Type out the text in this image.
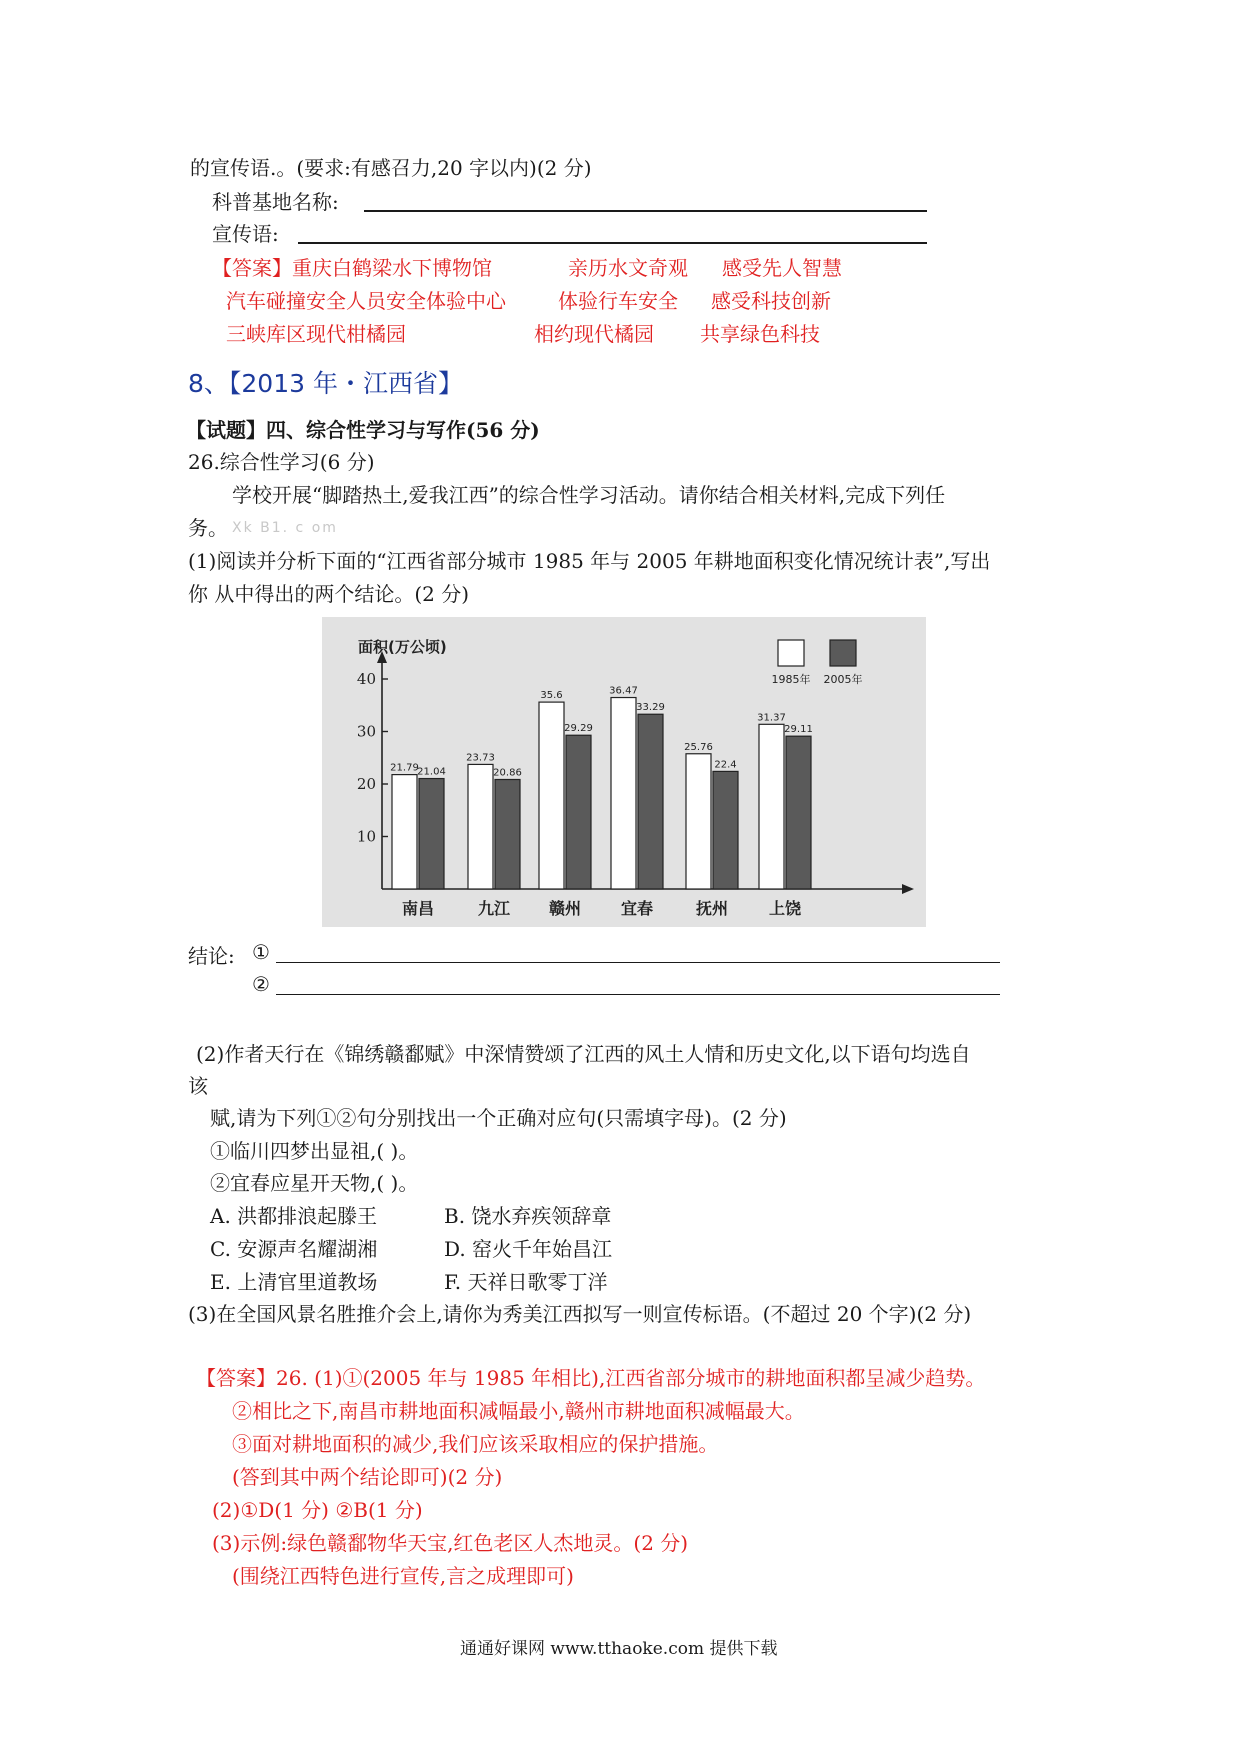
的宣传语.。(要求:有感召力,20 字以内)(2 分)
科普基地名称:
宣传语:
【答案】重庆白鹤梁水下博物馆	亲历水文奇观 感受先人智慧
汽车碰撞安全人员安全体验中心	体验行车安全 感受科技创新
三峡库区现代柑橘园	相约现代橘园 共享绿色科技
8、【2013 年・江西省】
【试题】四、综合性学习与写作(56 分)
26.综合性学习(6 分)
学校开展“脚踏热土,爱我江西”的综合性学习活动。请你结合相关材料,完成下列任
务。 Xk B1. c om
(1)阅读并分析下面的“江西省部分城市 1985 年与 2005 年耕地面积变化情况统计表”,写出
你 从中得出的两个结论。(2 分)
面积(万公顷)
10
20
30
40
21.79
21.04
南昌
23.73
20.86
九江
35.6
29.29
赣州
36.47
33.29
宜春
25.76
22.4
抚州
31.37
29.11
上饶
1985年 2005年
结论: ①
②
(2)作者天行在《锦绣赣鄱赋》中深情赞颂了江西的风土人情和历史文化,以下语句均选自
该
赋,请为下列①②句分别找出一个正确对应句(只需填字母)。(2 分)
①临川四梦出显祖,( )。
②宜春应星开天物,( )。
A. 洪都排浪起滕王	B. 饶水弃疾领辞章
C. 安源声名耀湖湘	D. 窑火千年始昌江
E. 上清官里道教场	F. 天祥日歌零丁洋
(3)在全国风景名胜推介会上,请你为秀美江西拟写一则宣传标语。(不超过 20 个字)(2 分)
【答案】26. (1)①(2005 年与 1985 年相比),江西省部分城市的耕地面积都呈减少趋势。
②相比之下,南昌市耕地面积减幅最小,赣州市耕地面积减幅最大。
③面对耕地面积的减少,我们应该采取相应的保护措施。
(答到其中两个结论即可)(2 分)
(2)①D(1 分) ②B(1 分)
(3)示例:绿色赣鄱物华天宝,红色老区人杰地灵。(2 分)
(围绕江西特色进行宣传,言之成理即可)
通通好课网 www.tthaoke.com 提供下载
